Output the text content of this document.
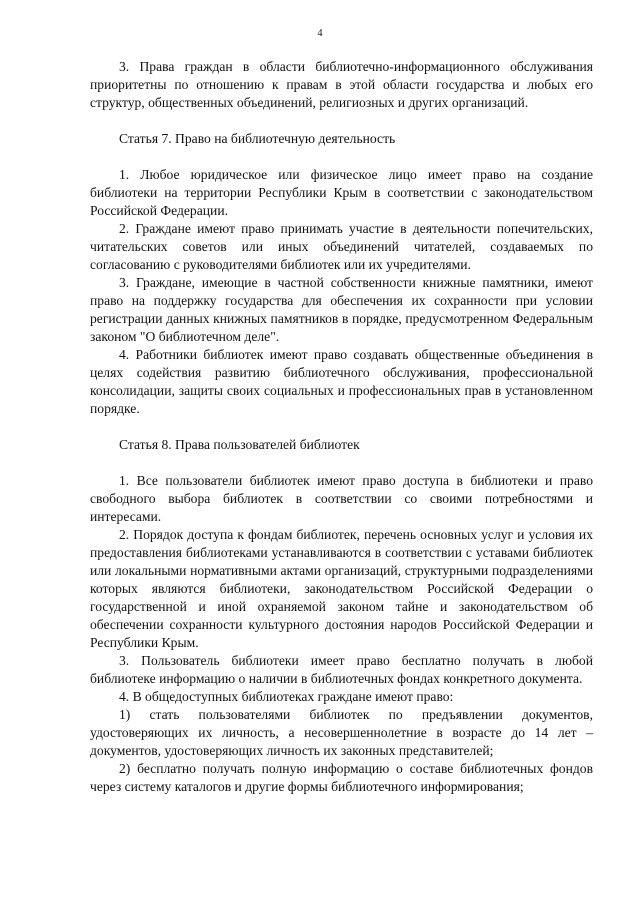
4

3. Права граждан в области библиотечно-информационного обслуживания приоритетны по отношению к правам в этой области государства и любых его структур, общественных объединений, религиозных и других организаций.

Статья 7. Право на библиотечную деятельность

1. Любое юридическое или физическое лицо имеет право на создание библиотеки на территории Республики Крым в соответствии с законодательством Российской Федерации.

2. Граждане имеют право принимать участие в деятельности попечительских, читательских советов или иных объединений читателей, создаваемых по согласованию с руководителями библиотек или их учредителями.

3. Граждане, имеющие в частной собственности книжные памятники, имеют право на поддержку государства для обеспечения их сохранности при условии регистрации данных книжных памятников в порядке, предусмотренном Федеральным законом "О библиотечном деле".

4. Работники библиотек имеют право создавать общественные объединения в целях содействия развитию библиотечного обслуживания, профессиональной консолидации, защиты своих социальных и профессиональных прав в установленном порядке.

Статья 8. Права пользователей библиотек

1. Все пользователи библиотек имеют право доступа в библиотеки и право свободного выбора библиотек в соответствии со своими потребностями и интересами.

2. Порядок доступа к фондам библиотек, перечень основных услуг и условия их предоставления библиотеками устанавливаются в соответствии с уставами библиотек или локальными нормативными актами организаций, структурными подразделениями которых являются библиотеки, законодательством Российской Федерации о государственной и иной охраняемой законом тайне и законодательством об обеспечении сохранности культурного достояния народов Российской Федерации и Республики Крым.

3. Пользователь библиотеки имеет право бесплатно получать в любой библиотеке информацию о наличии в библиотечных фондах конкретного документа.

4. В общедоступных библиотеках граждане имеют право:

1) стать пользователями библиотек по предъявлении документов, удостоверяющих их личность, а несовершеннолетние в возрасте до 14 лет – документов, удостоверяющих личность их законных представителей;

2) бесплатно получать полную информацию о составе библиотечных фондов через систему каталогов и другие формы библиотечного информирования;
